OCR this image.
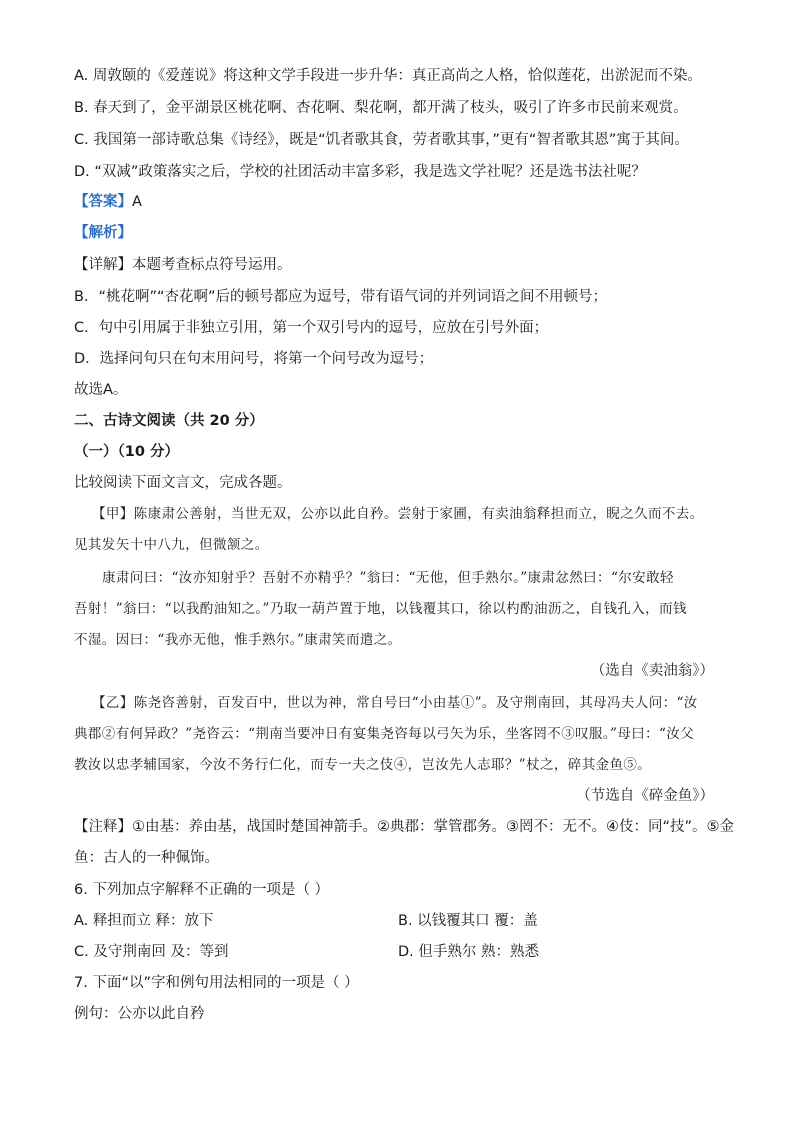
A. 周敦颐的《爱莲说》将这种文学手段进一步升华：真正高尚之人格，恰似莲花，出淤泥而不染。
B. 春天到了，金平湖景区桃花啊、杏花啊、梨花啊，都开满了枝头，吸引了许多市民前来观赏。
C. 我国第一部诗歌总集《诗经》，既是“饥者歌其食，劳者歌其事，”更有“智者歌其恩”寓于其间。
D. “双减”政策落实之后，学校的社团活动丰富多彩，我是选文学社呢？还是选书法社呢？
【答案】A
【解析】
【详解】本题考查标点符号运用。
B．“桃花啊”“杏花啊”后的顿号都应为逗号，带有语气词的并列词语之间不用顿号；
C．句中引用属于非独立引用，第一个双引号内的逗号，应放在引号外面；
D．选择问句只在句末用问号，将第一个问号改为逗号；
故选A。
二、古诗文阅读（共 20 分）
（一）（10 分）
比较阅读下面文言文，完成各题。
【甲】陈康肃公善射，当世无双，公亦以此自矜。尝射于家圃，有卖油翁释担而立，睨之久而不去。
见其发矢十中八九，但微颔之。
康肃问曰：“汝亦知射乎？吾射不亦精乎？”翁曰：“无他，但手熟尔。”康肃忿然曰：“尔安敢轻
吾射！”翁曰：“以我酌油知之。”乃取一葫芦置于地，以钱覆其口，徐以杓酌油沥之，自钱孔入，而钱
不湿。因曰：“我亦无他，惟手熟尔。”康肃笑而遣之。
（选自《卖油翁》）
【乙】陈尧咨善射，百发百中，世以为神，常自号曰“小由基①”。及守荆南回，其母冯夫人问：“汝
典郡②有何异政？”尧咨云：“荆南当要冲日有宴集尧咨每以弓矢为乐，坐客罔不③叹服。”母曰：“汝父
教汝以忠孝辅国家，今汝不务行仁化，而专一夫之伎④，岂汝先人志耶？”杖之，碎其金鱼⑤。
（节选自《碎金鱼》）
【注释】①由基：养由基，战国时楚国神箭手。②典郡：掌管郡务。③罔不：无不。④伎：同“技”。⑤金
鱼：古人的一种佩饰。
6. 下列加点字解释不正确的一项是（ ）
A. 释担而立 释：放下	B. 以钱覆其口 覆：盖
C. 及守荆南回 及：等到	D. 但手熟尔 熟：熟悉
7. 下面“以”字和例句用法相同的一项是（ ）
例句：公亦以此自矜
